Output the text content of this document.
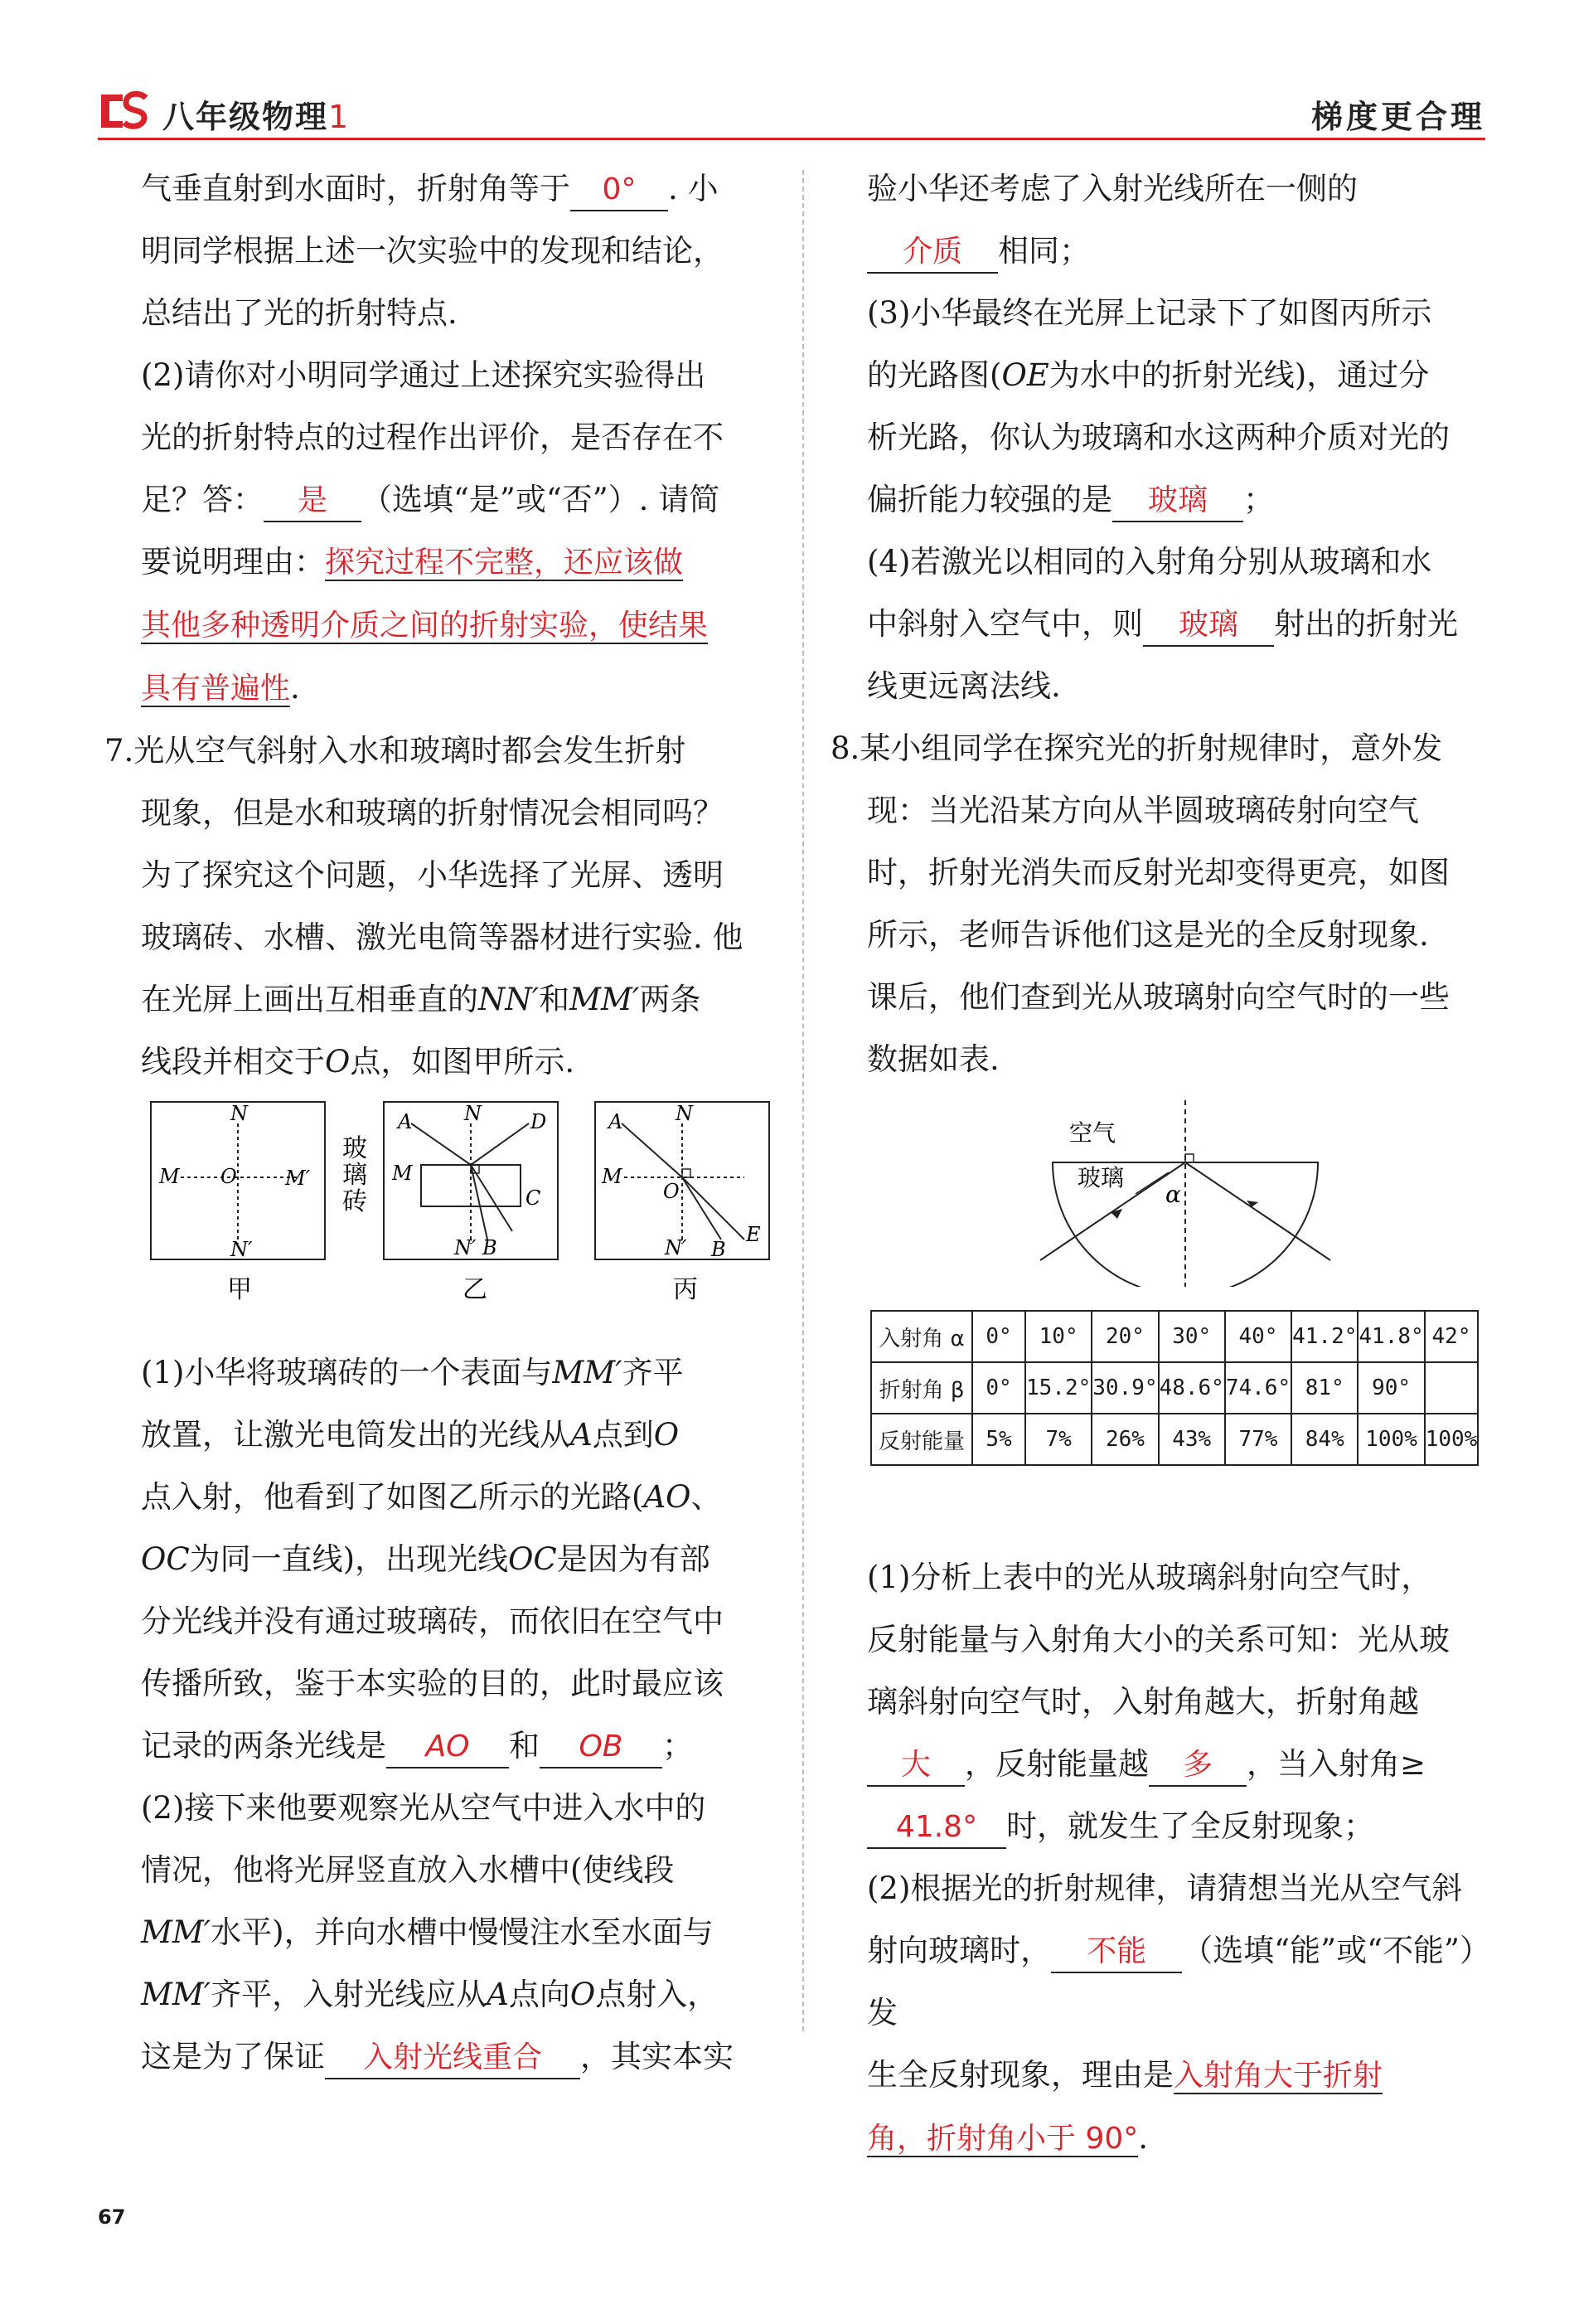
八年级物理1	梯度更合理

气垂直射到水面时，折射角等于 0° . 小

明同学根据上述一次实验中的发现和结论，

总结出了光的折射特点.

(2)请你对小明同学通过上述探究实验得出

光的折射特点的过程作出评价，是否存在不

足？答： 是 （选填“是”或“否”）. 请简

要说明理由：探究过程不完整，还应该做

其他多种透明介质之间的折射实验，使结果

具有普遍性.

7.光从空气斜射入水和玻璃时都会发生折射

现象，但是水和玻璃的折射情况会相同吗？

为了探究这个问题，小华选择了光屏、透明

玻璃砖、水槽、激光电筒等器材进行实验. 他

在光屏上画出互相垂直的NN′和MM′两条

线段并相交于O点，如图甲所示.

(1)小华将玻璃砖的一个表面与MM′齐平

放置，让激光电筒发出的光线从A点到O

点入射，他看到了如图乙所示的光路(AO、

OC为同一直线)，出现光线OC是因为有部

分光线并没有通过玻璃砖，而依旧在空气中

传播所致，鉴于本实验的目的，此时最应该

记录的两条光线是 AO 和 OB ；

(2)接下来他要观察光从空气中进入水中的

情况，他将光屏竖直放入水槽中(使线段

MM′水平)，并向水槽中慢慢注水至水面与

MM′齐平，入射光线应从A点向O点射入，

这是为了保证 入射光线重合 ，其实本实

N
N′
M	M′
O
甲
玻
璃
砖
A	N D
M
C
N′ B
乙
A	N
M
O
N′ B
E
丙

验小华还考虑了入射光线所在一侧的

介质 相同；

(3)小华最终在光屏上记录下了如图丙所示

的光路图(OE为水中的折射光线)，通过分

析光路，你认为玻璃和水这两种介质对光的

偏折能力较强的是 玻璃 ；

(4)若激光以相同的入射角分别从玻璃和水

中斜射入空气中，则 玻璃 射出的折射光

线更远离法线.

8.某小组同学在探究光的折射规律时，意外发

现：当光沿某方向从半圆玻璃砖射向空气

时，折射光消失而反射光却变得更亮，如图

所示，老师告诉他们这是光的全反射现象.

课后，他们查到光从玻璃射向空气时的一些

数据如表.

(1)分析上表中的光从玻璃斜射向空气时，

反射能量与入射角大小的关系可知：光从玻

璃斜射向空气时，入射角越大，折射角越

大 ，反射能量越 多 ，当入射角≥

41.8° 时，就发生了全反射现象；

(2)根据光的折射规律，请猜想当光从空气斜

射向玻璃时， 不能 （选填“能”或“不能”）发

生全反射现象，理由是入射角大于折射

角，折射角小于 90°.

空气
玻璃
α
入射角 α	0°	10°	20°	30°	40°	41.2°	41.8°	42°
折射角 β	0°	15.2°	30.9°	48.6°	74.6°	81°	90°	
反射能量	5%	7%	26%	43%	77%	84%	100%	100%
67
